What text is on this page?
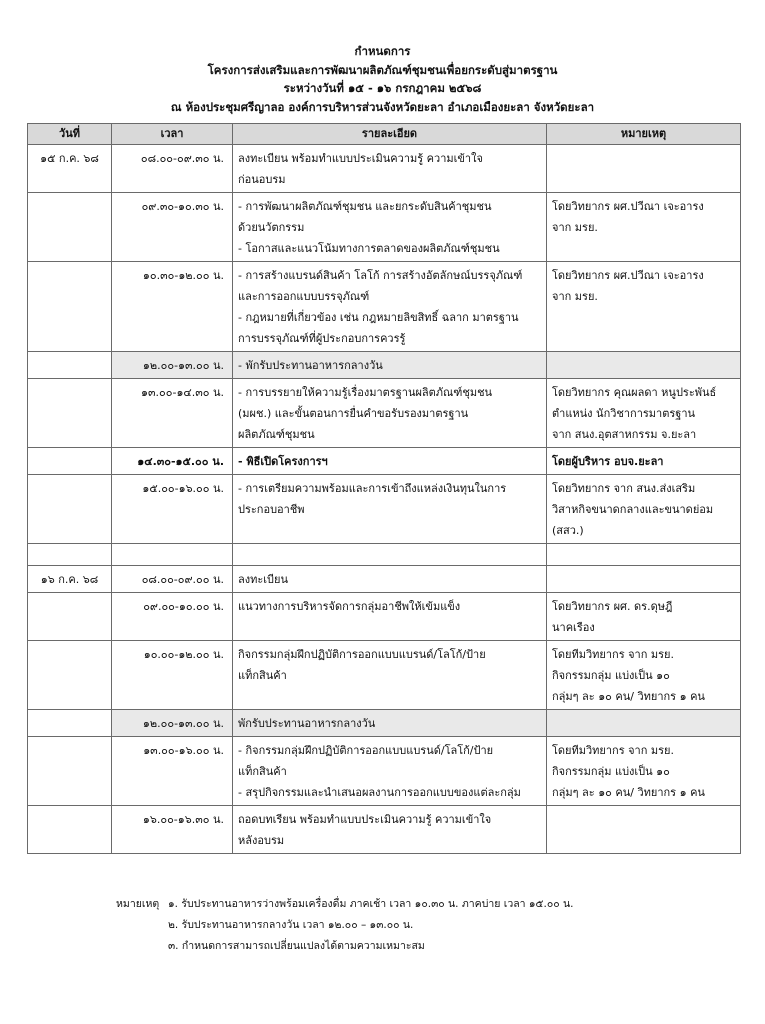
กำหนดการ
โครงการส่งเสริมและการพัฒนาผลิตภัณฑ์ชุมชนเพื่อยกระดับสู่มาตรฐาน
ระหว่างวันที่ ๑๕ - ๑๖ กรกฎาคม ๒๕๖๘
ณ ห้องประชุมศรีญาลอ องค์การบริหารส่วนจังหวัดยะลา อำเภอเมืองยะลา จังหวัดยะลา
วันที่	เวลา	รายละเอียด	หมายเหตุ

๑๕ ก.ค. ๖๘	๐๘.๐๐-๐๙.๓๐ น.	ลงทะเบียน พร้อมทำแบบประเมินความรู้ ความเข้าใจ
ก่อนอบรม	

	๐๙.๓๐-๑๐.๓๐ น.	- การพัฒนาผลิตภัณฑ์ชุมชน และยกระดับสินค้าชุมชน
ด้วยนวัตกรรม
- โอกาสและแนวโน้มทางการตลาดของผลิตภัณฑ์ชุมชน	โดยวิทยากร ผศ.ปวีณา เจะอารง
จาก มรย.

	๑๐.๓๐-๑๒.๐๐ น.	- การสร้างแบรนด์สินค้า โลโก้ การสร้างอัตลักษณ์บรรจุภัณฑ์
และการออกแบบบรรจุภัณฑ์
- กฎหมายที่เกี่ยวข้อง เช่น กฎหมายลิขสิทธิ์ ฉลาก มาตรฐาน
การบรรจุภัณฑ์ที่ผู้ประกอบการควรรู้	โดยวิทยากร ผศ.ปวีณา เจะอารง
จาก มรย.

	๑๒.๐๐-๑๓.๐๐ น.	- พักรับประทานอาหารกลางวัน	

	๑๓.๐๐-๑๔.๓๐ น.	- การบรรยายให้ความรู้เรื่องมาตรฐานผลิตภัณฑ์ชุมชน
(มผช.) และขั้นตอนการยื่นคำขอรับรองมาตรฐาน
ผลิตภัณฑ์ชุมชน	โดยวิทยากร คุณผลดา หนูประพันธ์
ตำแหน่ง นักวิชาการมาตรฐาน
จาก สนง.อุตสาหกรรม จ.ยะลา

	๑๔.๓๐-๑๕.๐๐ น.	- พิธีเปิดโครงการฯ	โดยผู้บริหาร อบจ.ยะลา

	๑๕.๐๐-๑๖.๐๐ น.	- การเตรียมความพร้อมและการเข้าถึงแหล่งเงินทุนในการ
ประกอบอาชีพ	โดยวิทยากร จาก สนง.ส่งเสริม
วิสาหกิจขนาดกลางและขนาดย่อม
(สสว.)

๑๖ ก.ค. ๖๘	๐๘.๐๐-๐๙.๐๐ น.	ลงทะเบียน	

	๐๙.๐๐-๑๐.๐๐ น.	แนวทางการบริหารจัดการกลุ่มอาชีพให้เข้มแข็ง	โดยวิทยากร ผศ. ดร.ดุษฎี
นาคเรือง

	๑๐.๐๐-๑๒.๐๐ น.	กิจกรรมกลุ่มฝึกปฏิบัติการออกแบบแบรนด์/โลโก้/ป้าย
แท็กสินค้า	โดยทีมวิทยากร จาก มรย.
กิจกรรมกลุ่ม แบ่งเป็น ๑๐
กลุ่มๆ ละ ๑๐ คน/ วิทยากร ๑ คน

	๑๒.๐๐-๑๓.๐๐ น.	พักรับประทานอาหารกลางวัน	

	๑๓.๐๐-๑๖.๐๐ น.	- กิจกรรมกลุ่มฝึกปฏิบัติการออกแบบแบรนด์/โลโก้/ป้าย
แท็กสินค้า
- สรุปกิจกรรมและนำเสนอผลงานการออกแบบของแต่ละกลุ่ม	โดยทีมวิทยากร จาก มรย.
กิจกรรมกลุ่ม แบ่งเป็น ๑๐
กลุ่มๆ ละ ๑๐ คน/ วิทยากร ๑ คน

	๑๖.๐๐-๑๖.๓๐ น.	ถอดบทเรียน พร้อมทำแบบประเมินความรู้ ความเข้าใจ
หลังอบรม	

หมายเหตุ ๑. รับประทานอาหารว่างพร้อมเครื่องดื่ม ภาคเช้า เวลา ๑๐.๓๐ น. ภาคบ่าย เวลา ๑๕.๐๐ น.
๒. รับประทานอาหารกลางวัน เวลา ๑๒.๐๐ – ๑๓.๐๐ น.
๓. กำหนดการสามารถเปลี่ยนแปลงได้ตามความเหมาะสม
